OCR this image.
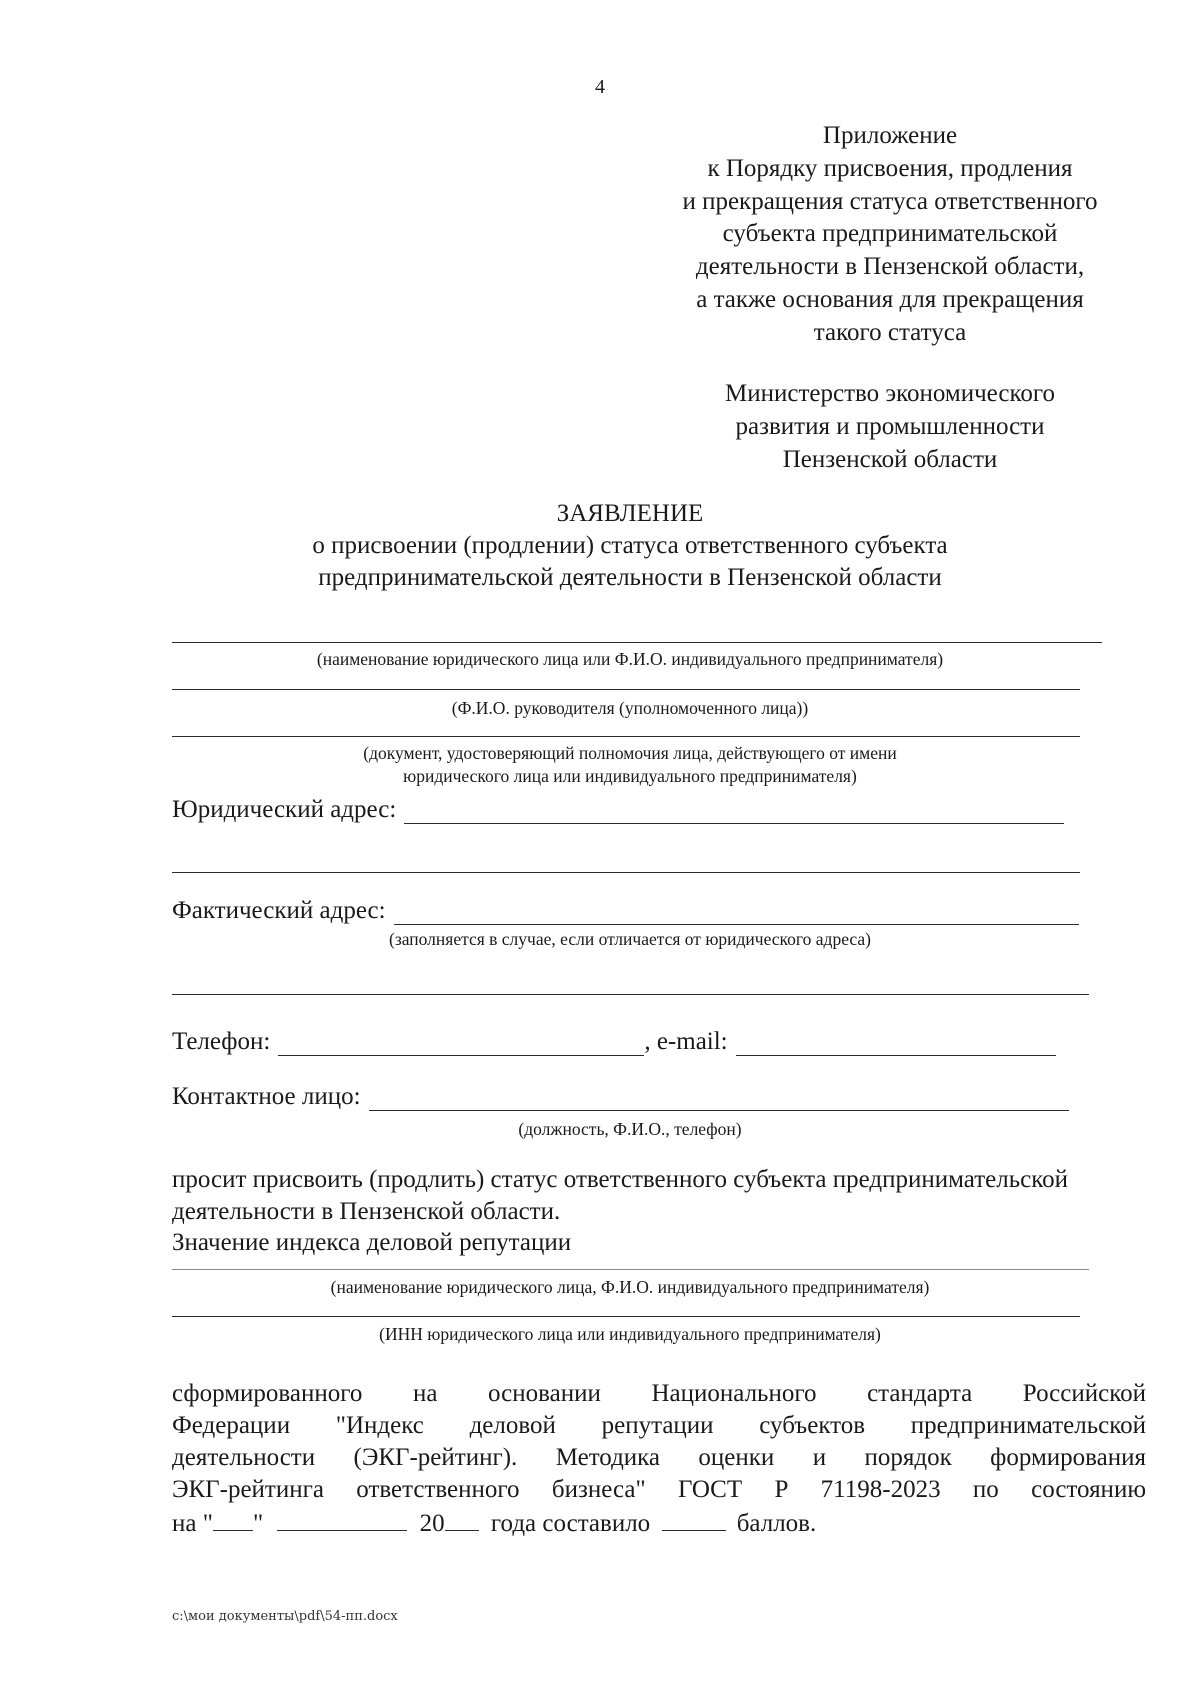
4
Приложение
к Порядку присвоения, продления
и прекращения статуса ответственного
субъекта предпринимательской
деятельности в Пензенской области,
а также основания для прекращения
такого статуса
Министерство экономического
развития и промышленности
Пензенской области
ЗАЯВЛЕНИЕ
о присвоении (продлении) статуса ответственного субъекта
предпринимательской деятельности в Пензенской области
(наименование юридического лица или Ф.И.О. индивидуального предпринимателя)
(Ф.И.О. руководителя (уполномоченного лица))
(документ, удостоверяющий полномочия лица, действующего от имени
юридического лица или индивидуального предпринимателя)
Юридический адрес:
Фактический адрес:
(заполняется в случае, если отличается от юридического адреса)
Телефон:	, e-mail:
Контактное лицо:
(должность, Ф.И.О., телефон)
просит присвоить (продлить) статус ответственного субъекта предпринимательской
деятельности в Пензенской области.
Значение индекса деловой репутации
(наименование юридического лица, Ф.И.О. индивидуального предпринимателя)
(ИНН юридического лица или индивидуального предпринимателя)
сформированного на основании Национального стандарта Российской
Федерации "Индекс деловой репутации субъектов предпринимательской
деятельности (ЭКГ-рейтинг). Методика оценки и порядок формирования
ЭКГ-рейтинга ответственного бизнеса" ГОСТ Р 71198-2023 по состоянию
на " "	20 года составило	баллов.
c:\мои документы\pdf\54-пп.docx
